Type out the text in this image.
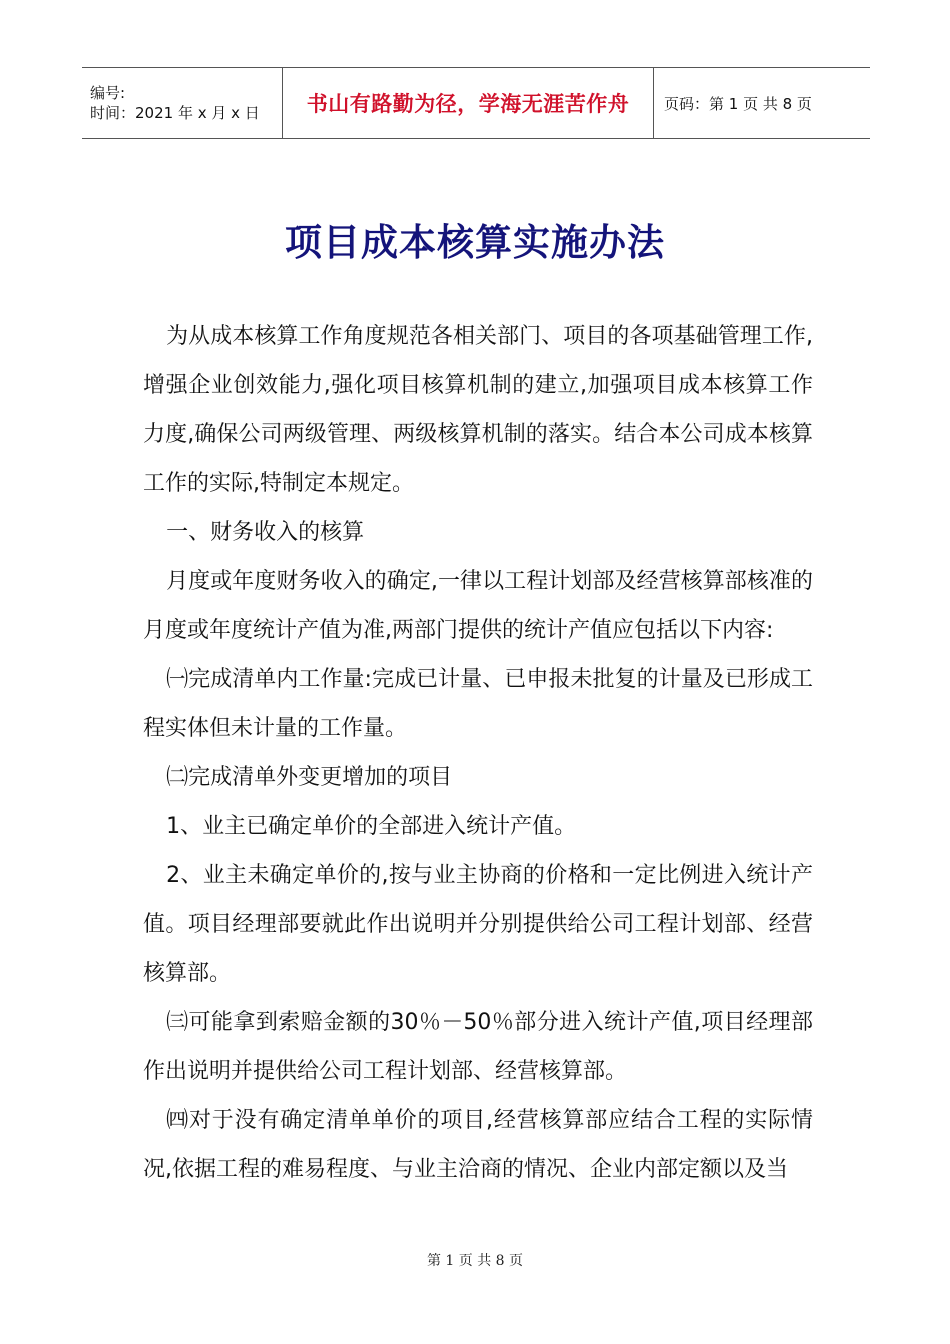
编号:
时间：2021 年 x 月 x 日	书山有路勤为径，学海无涯苦作舟 页码：第 1 页 共 8 页
项目成本核算实施办法

为从成本核算工作角度规范各相关部门、项目的各项基础管理工作,增强企业创效能力,强化项目核算机制的建立,加强项目成本核算工作力度,确保公司两级管理、两级核算机制的落实。结合本公司成本核算工作的实际,特制定本规定。

一、财务收入的核算

月度或年度财务收入的确定,一律以工程计划部及经营核算部核准的月度或年度统计产值为准,两部门提供的统计产值应包括以下内容:

㈠完成清单内工作量:完成已计量、已申报未批复的计量及已形成工程实体但未计量的工作量。

㈡完成清单外变更增加的项目

1、业主已确定单价的全部进入统计产值。

2、业主未确定单价的,按与业主协商的价格和一定比例进入统计产值。项目经理部要就此作出说明并分别提供给公司工程计划部、经营核算部。

㈢可能拿到索赔金额的30％－50％部分进入统计产值,项目经理部作出说明并提供给公司工程计划部、经营核算部。

㈣对于没有确定清单单价的项目,经营核算部应结合工程的实际情况,依据工程的难易程度、与业主洽商的情况、企业内部定额以及当

第 1 页 共 8 页
